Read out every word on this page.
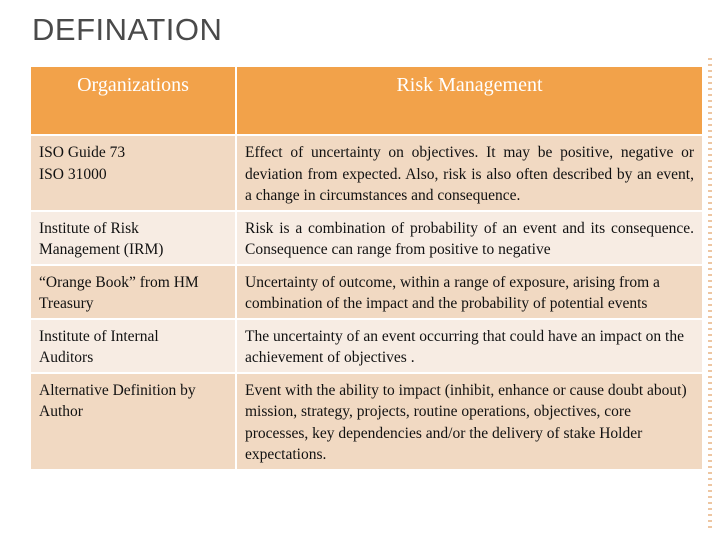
DEFINATION
Organizations	Risk Management

ISO Guide 73
ISO 31000	Effect of uncertainty on objectives. It may be positive, negative or deviation from expected. Also, risk is also often described by an event, a change in circumstances and consequence.

Institute of Risk
Management (IRM)	Risk is a combination of probability of an event and its consequence. Consequence can range from positive to negative

“Orange Book” from HM
Treasury	Uncertainty of outcome, within a range of exposure, arising from a combination of the impact and the probability of potential events

Institute of Internal
Auditors	The uncertainty of an event occurring that could have an impact on the achievement of objectives .

Alternative Definition by
Author	Event with the ability to impact (inhibit, enhance or cause doubt about) mission, strategy, projects, routine operations, objectives, core processes, key dependencies and/or the delivery of stake Holder expectations.
